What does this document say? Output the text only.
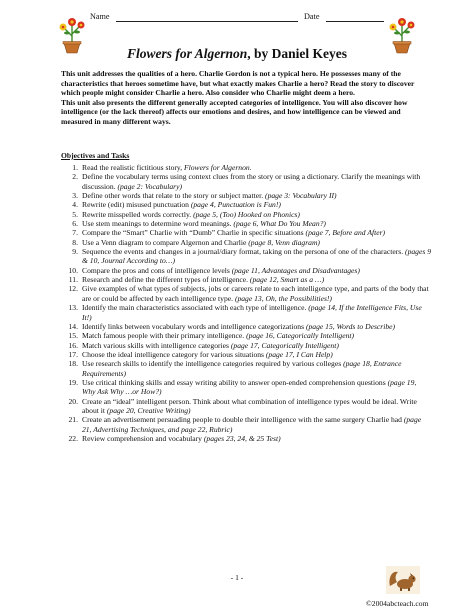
Name	Date
Flowers for Algernon, by Daniel Keyes

This unit addresses the qualities of a hero. Charlie Gordon is not a typical hero. He possesses many of the characteristics that heroes sometime have, but what exactly makes Charlie a hero? Read the story to discover which people might consider Charlie a hero. Also consider who Charlie might deem a hero.

This unit also presents the different generally accepted categories of intelligence. You will also discover how intelligence (or the lack thereof) affects our emotions and desires, and how intelligence can be viewed and measured in many different ways.

Objectives and Tasks
1. Read the realistic fictitious story, Flowers for Algernon.
2. Define the vocabulary terms using context clues from the story or using a dictionary. Clarify the meanings with discussion. (page 2: Vocabulary)
3. Define other words that relate to the story or subject matter. (page 3: Vocabulary II)
4. Rewrite (edit) misused punctuation (page 4, Punctuation is Fun!)
5. Rewrite misspelled words correctly. (page 5, (Too) Hooked on Phonics)
6. Use stem meanings to determine word meanings. (page 6, What Do You Mean?)
7. Compare the “Smart” Charlie with “Dumb” Charlie in specific situations (page 7, Before and After)
8. Use a Venn diagram to compare Algernon and Charlie (page 8, Venn diagram)
9. Sequence the events and changes in a journal/diary format, taking on the persona of one of the characters. (pages 9 & 10, Journal According to…)
10. Compare the pros and cons of intelligence levels (page 11, Advantages and Disadvantages)
11. Research and define the different types of intelligence. (page 12, Smart as a …)
12. Give examples of what types of subjects, jobs or careers relate to each intelligence type, and parts of the body that are or could be affected by each intelligence type. (page 13, Oh, the Possibilities!)
13. Identify the main characteristics associated with each type of intelligence. (page 14, If the Intelligence Fits, Use It!)
14. Identify links between vocabulary words and intelligence categorizations (page 15, Words to Describe)
15. Match famous people with their primary intelligence. (page 16, Categorically Intelligent)
16. Match various skills with intelligence categories (page 17, Categorically Intelligent)
17. Choose the ideal intelligence category for various situations (page 17, I Can Help)
18. Use research skills to identify the intelligence categories required by various colleges (page 18, Entrance Requirements)
19. Use critical thinking skills and essay writing ability to answer open-ended comprehension questions (page 19, Why Ask Why …or How?)
20. Create an “ideal” intelligent person. Think about what combination of intelligence types would be ideal. Write about it (page 20, Creative Writing)
21. Create an advertisement persuading people to double their intelligence with the same surgery Charlie had (page 21, Advertising Techniques, and page 22, Rubric)
22. Review comprehension and vocabulary (pages 23, 24, & 25 Test)
- 1 -
©2004abcteach.com
